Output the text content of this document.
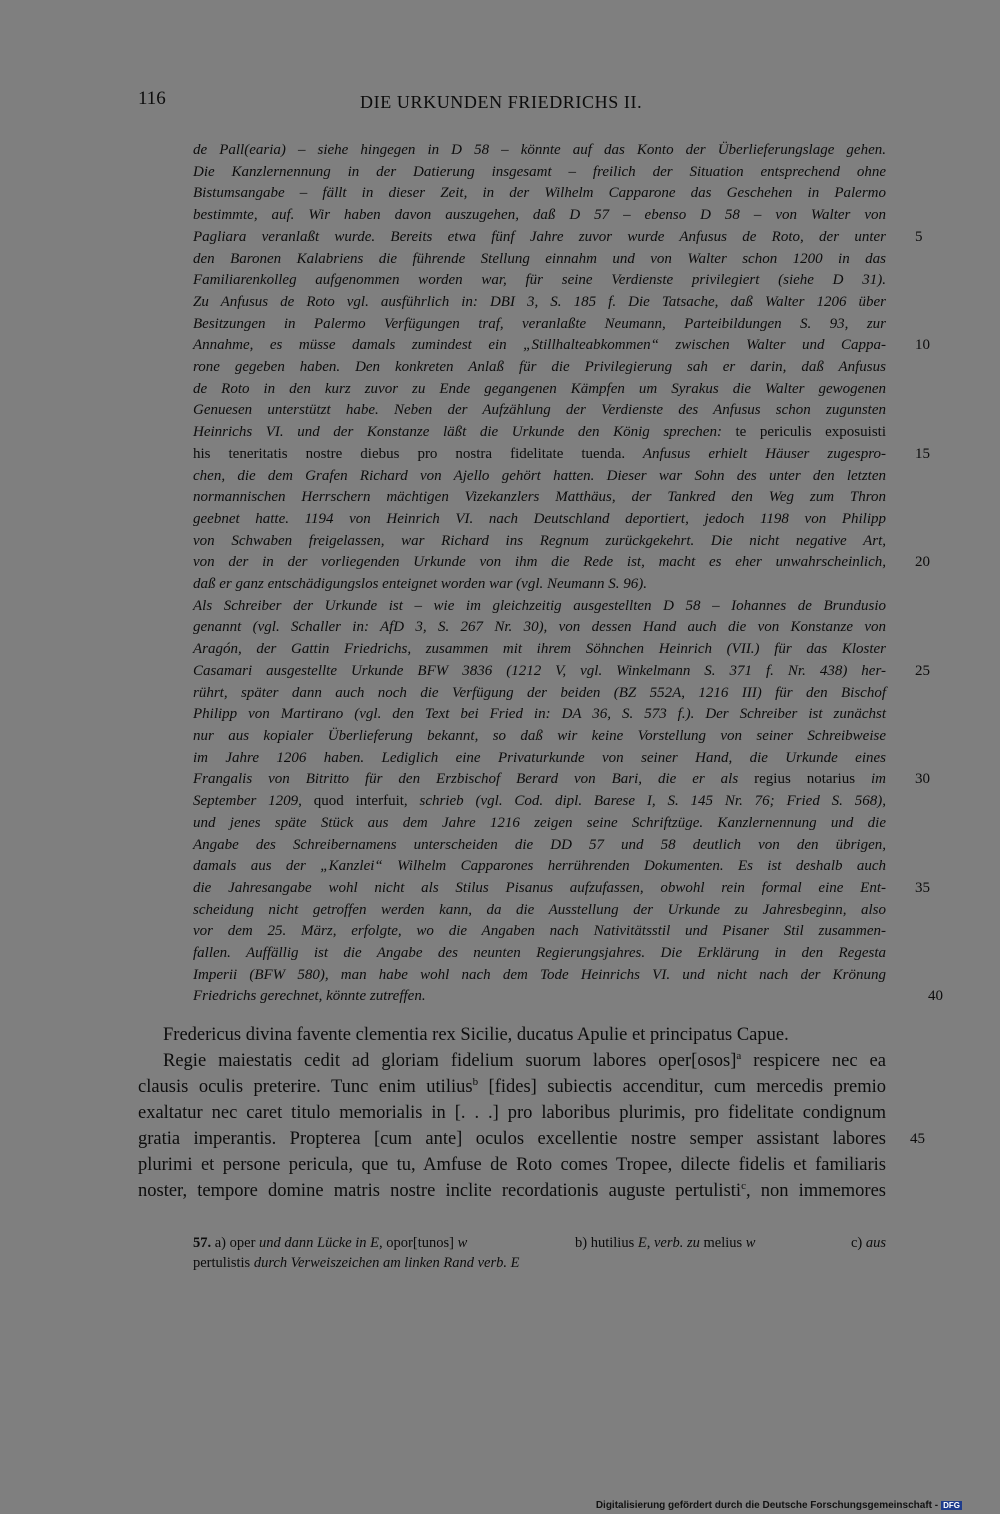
116	DIE URKUNDEN FRIEDRICHS II.
de Pall(earia) – siehe hingegen in D 58 – könnte auf das Konto der Überlieferungslage gehen.
Die Kanzlernennung in der Datierung insgesamt – freilich der Situation entsprechend ohne
Bistumsangabe – fällt in dieser Zeit, in der Wilhelm Capparone das Geschehen in Palermo
bestimmte, auf. Wir haben davon auszugehen, daß D 57 – ebenso D 58 – von Walter von
Pagliara veranlaßt wurde. Bereits etwa fünf Jahre zuvor wurde Anfusus de Roto, der unter 5
den Baronen Kalabriens die führende Stellung einnahm und von Walter schon 1200 in das
Familiarenkolleg aufgenommen worden war, für seine Verdienste privilegiert (siehe D 31).
Zu Anfusus de Roto vgl. ausführlich in: DBI 3, S. 185 f. Die Tatsache, daß Walter 1206 über
Besitzungen in Palermo Verfügungen traf, veranlaßte Neumann, Parteibildungen S. 93, zur
Annahme, es müsse damals zumindest ein „Stillhalteabkommen“ zwischen Walter und Cappa- 10
rone gegeben haben. Den konkreten Anlaß für die Privilegierung sah er darin, daß Anfusus
de Roto in den kurz zuvor zu Ende gegangenen Kämpfen um Syrakus die Walter gewogenen
Genuesen unterstützt habe. Neben der Aufzählung der Verdienste des Anfusus schon zugunsten
Heinrichs VI. und der Konstanze läßt die Urkunde den König sprechen: te periculis exposuisti
his teneritatis nostre diebus pro nostra fidelitate tuenda. Anfusus erhielt Häuser zugespro- 15
chen, die dem Grafen Richard von Ajello gehört hatten. Dieser war Sohn des unter den letzten
normannischen Herrschern mächtigen Vizekanzlers Matthäus, der Tankred den Weg zum Thron
geebnet hatte. 1194 von Heinrich VI. nach Deutschland deportiert, jedoch 1198 von Philipp
von Schwaben freigelassen, war Richard ins Regnum zurückgekehrt. Die nicht negative Art,
von der in der vorliegenden Urkunde von ihm die Rede ist, macht es eher unwahrscheinlich, 20
daß er ganz entschädigungslos enteignet worden war (vgl. Neumann S. 96).
Als Schreiber der Urkunde ist – wie im gleichzeitig ausgestellten D 58 – Iohannes de Brundusio
genannt (vgl. Schaller in: AfD 3, S. 267 Nr. 30), von dessen Hand auch die von Konstanze von
Aragón, der Gattin Friedrichs, zusammen mit ihrem Söhnchen Heinrich (VII.) für das Kloster
Casamari ausgestellte Urkunde BFW 3836 (1212 V, vgl. Winkelmann S. 371 f. Nr. 438) her- 25
rührt, später dann auch noch die Verfügung der beiden (BZ 552A, 1216 III) für den Bischof
Philipp von Martirano (vgl. den Text bei Fried in: DA 36, S. 573 f.). Der Schreiber ist zunächst
nur aus kopialer Überlieferung bekannt, so daß wir keine Vorstellung von seiner Schreibweise
im Jahre 1206 haben. Lediglich eine Privaturkunde von seiner Hand, die Urkunde eines
Frangalis von Bitritto für den Erzbischof Berard von Bari, die er als regius notarius im 30
September 1209, quod interfuit, schrieb (vgl. Cod. dipl. Barese I, S. 145 Nr. 76; Fried S. 568),
und jenes späte Stück aus dem Jahre 1216 zeigen seine Schriftzüge. Kanzlernennung und die
Angabe des Schreibernamens unterscheiden die DD 57 und 58 deutlich von den übrigen,
damals aus der „Kanzlei“ Wilhelm Capparones herrührenden Dokumenten. Es ist deshalb auch
die Jahresangabe wohl nicht als Stilus Pisanus aufzufassen, obwohl rein formal eine Ent- 35
scheidung nicht getroffen werden kann, da die Ausstellung der Urkunde zu Jahresbeginn, also
vor dem 25. März, erfolgte, wo die Angaben nach Nativitätsstil und Pisaner Stil zusammen-
fallen. Auffällig ist die Angabe des neunten Regierungsjahres. Die Erklärung in den Regesta
Imperii (BFW 580), man habe wohl nach dem Tode Heinrichs VI. und nicht nach der Krönung
Friedrichs gerechnet, könnte zutreffen.	40
Fredericus divina favente clementia rex Sicilie, ducatus Apulie et principatus Capue.
Regie maiestatis cedit ad gloriam fidelium suorum labores oper[osos]$^a$ respicere nec ea
clausis oculis preterire. Tunc enim utilius$^b$ [fides] subiectis accenditur, cum mercedis premio
exaltatur nec caret titulo memorialis in [. . .] pro laboribus plurimis, pro fidelitate condignum
gratia imperantis. Propterea [cum ante] oculos excellentie nostre semper assistant labores 45
plurimi et persone pericula, que tu, Amfuse de Roto comes Tropee, dilecte fidelis et familiaris
noster, tempore domine matris nostre inclite recordationis auguste pertulisti$^c$, non immemores
57. a) oper und dann Lücke in E, opor[tunos] w	b) hutilius E, verb. zu melius w	c) aus
pertulistis durch Verweiszeichen am linken Rand verb. E
Digitalisierung gefördert durch die Deutsche Forschungsgemeinschaft - DFG
